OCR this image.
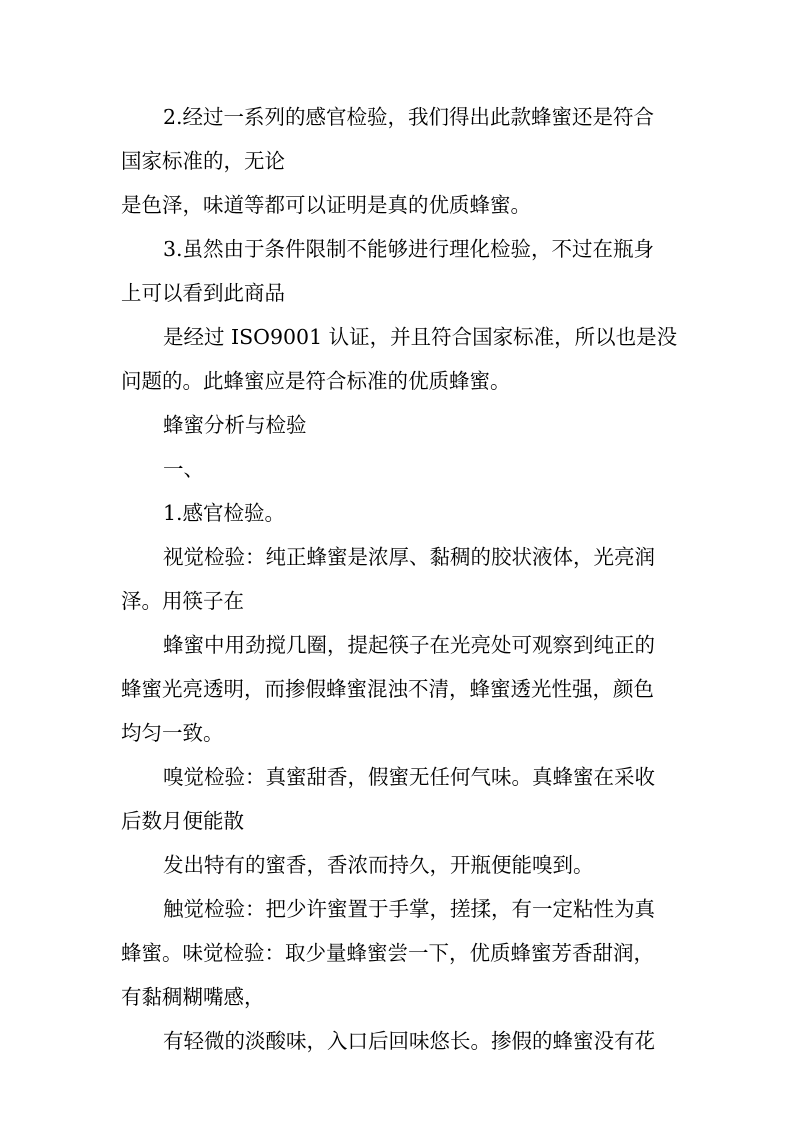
2.经过一系列的感官检验，我们得出此款蜂蜜还是符合
国家标准的，无论
是色泽，味道等都可以证明是真的优质蜂蜜。
3.虽然由于条件限制不能够进行理化检验，不过在瓶身
上可以看到此商品
是经过 ISO9001 认证，并且符合国家标准，所以也是没
问题的。此蜂蜜应是符合标准的优质蜂蜜。
蜂蜜分析与检验
一、
1.感官检验。
视觉检验：纯正蜂蜜是浓厚、黏稠的胶状液体，光亮润
泽。用筷子在
蜂蜜中用劲搅几圈，提起筷子在光亮处可观察到纯正的
蜂蜜光亮透明，而掺假蜂蜜混浊不清，蜂蜜透光性强，颜色
均匀一致。
嗅觉检验：真蜜甜香，假蜜无任何气味。真蜂蜜在采收
后数月便能散
发出特有的蜜香，香浓而持久，开瓶便能嗅到。
触觉检验：把少许蜜置于手掌，搓揉，有一定粘性为真
蜂蜜。味觉检验：取少量蜂蜜尝一下，优质蜂蜜芳香甜润，
有黏稠糊嘴感，
有轻微的淡酸味，入口后回味悠长。掺假的蜂蜜没有花
